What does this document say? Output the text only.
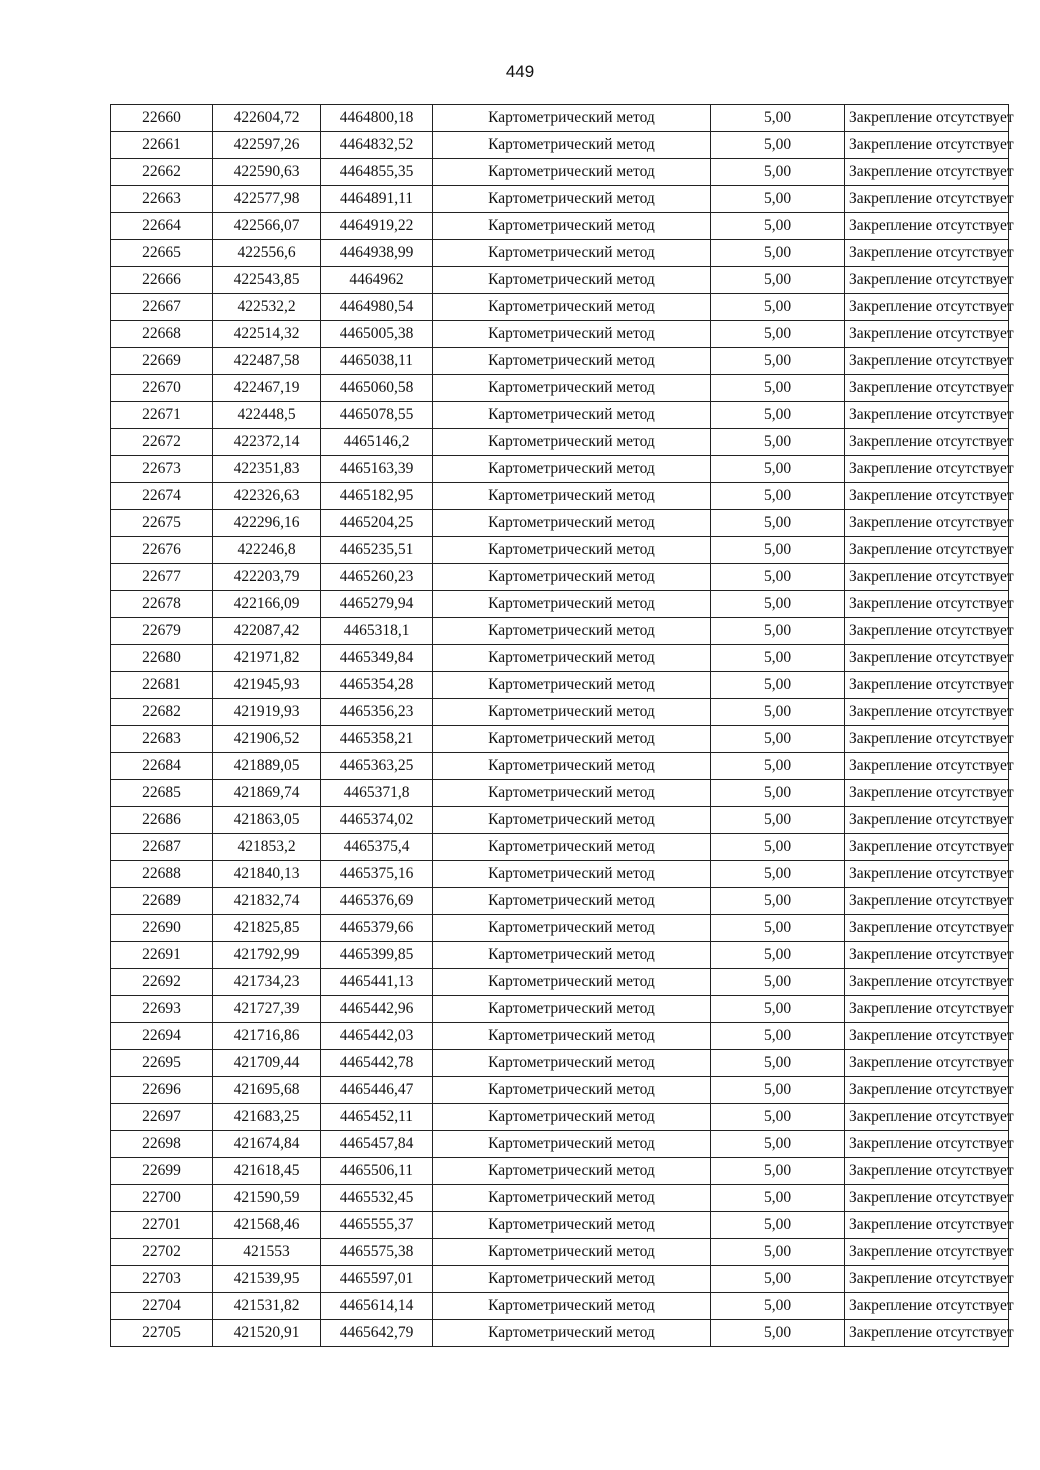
449
22660	422604,72	4464800,18	Картометрический метод	5,00	Закрепление отсутствует
22661	422597,26	4464832,52	Картометрический метод	5,00	Закрепление отсутствует
22662	422590,63	4464855,35	Картометрический метод	5,00	Закрепление отсутствует
22663	422577,98	4464891,11	Картометрический метод	5,00	Закрепление отсутствует
22664	422566,07	4464919,22	Картометрический метод	5,00	Закрепление отсутствует
22665	422556,6	4464938,99	Картометрический метод	5,00	Закрепление отсутствует
22666	422543,85	4464962	Картометрический метод	5,00	Закрепление отсутствует
22667	422532,2	4464980,54	Картометрический метод	5,00	Закрепление отсутствует
22668	422514,32	4465005,38	Картометрический метод	5,00	Закрепление отсутствует
22669	422487,58	4465038,11	Картометрический метод	5,00	Закрепление отсутствует
22670	422467,19	4465060,58	Картометрический метод	5,00	Закрепление отсутствует
22671	422448,5	4465078,55	Картометрический метод	5,00	Закрепление отсутствует
22672	422372,14	4465146,2	Картометрический метод	5,00	Закрепление отсутствует
22673	422351,83	4465163,39	Картометрический метод	5,00	Закрепление отсутствует
22674	422326,63	4465182,95	Картометрический метод	5,00	Закрепление отсутствует
22675	422296,16	4465204,25	Картометрический метод	5,00	Закрепление отсутствует
22676	422246,8	4465235,51	Картометрический метод	5,00	Закрепление отсутствует
22677	422203,79	4465260,23	Картометрический метод	5,00	Закрепление отсутствует
22678	422166,09	4465279,94	Картометрический метод	5,00	Закрепление отсутствует
22679	422087,42	4465318,1	Картометрический метод	5,00	Закрепление отсутствует
22680	421971,82	4465349,84	Картометрический метод	5,00	Закрепление отсутствует
22681	421945,93	4465354,28	Картометрический метод	5,00	Закрепление отсутствует
22682	421919,93	4465356,23	Картометрический метод	5,00	Закрепление отсутствует
22683	421906,52	4465358,21	Картометрический метод	5,00	Закрепление отсутствует
22684	421889,05	4465363,25	Картометрический метод	5,00	Закрепление отсутствует
22685	421869,74	4465371,8	Картометрический метод	5,00	Закрепление отсутствует
22686	421863,05	4465374,02	Картометрический метод	5,00	Закрепление отсутствует
22687	421853,2	4465375,4	Картометрический метод	5,00	Закрепление отсутствует
22688	421840,13	4465375,16	Картометрический метод	5,00	Закрепление отсутствует
22689	421832,74	4465376,69	Картометрический метод	5,00	Закрепление отсутствует
22690	421825,85	4465379,66	Картометрический метод	5,00	Закрепление отсутствует
22691	421792,99	4465399,85	Картометрический метод	5,00	Закрепление отсутствует
22692	421734,23	4465441,13	Картометрический метод	5,00	Закрепление отсутствует
22693	421727,39	4465442,96	Картометрический метод	5,00	Закрепление отсутствует
22694	421716,86	4465442,03	Картометрический метод	5,00	Закрепление отсутствует
22695	421709,44	4465442,78	Картометрический метод	5,00	Закрепление отсутствует
22696	421695,68	4465446,47	Картометрический метод	5,00	Закрепление отсутствует
22697	421683,25	4465452,11	Картометрический метод	5,00	Закрепление отсутствует
22698	421674,84	4465457,84	Картометрический метод	5,00	Закрепление отсутствует
22699	421618,45	4465506,11	Картометрический метод	5,00	Закрепление отсутствует
22700	421590,59	4465532,45	Картометрический метод	5,00	Закрепление отсутствует
22701	421568,46	4465555,37	Картометрический метод	5,00	Закрепление отсутствует
22702	421553	4465575,38	Картометрический метод	5,00	Закрепление отсутствует
22703	421539,95	4465597,01	Картометрический метод	5,00	Закрепление отсутствует
22704	421531,82	4465614,14	Картометрический метод	5,00	Закрепление отсутствует
22705	421520,91	4465642,79	Картометрический метод	5,00	Закрепление отсутствует
